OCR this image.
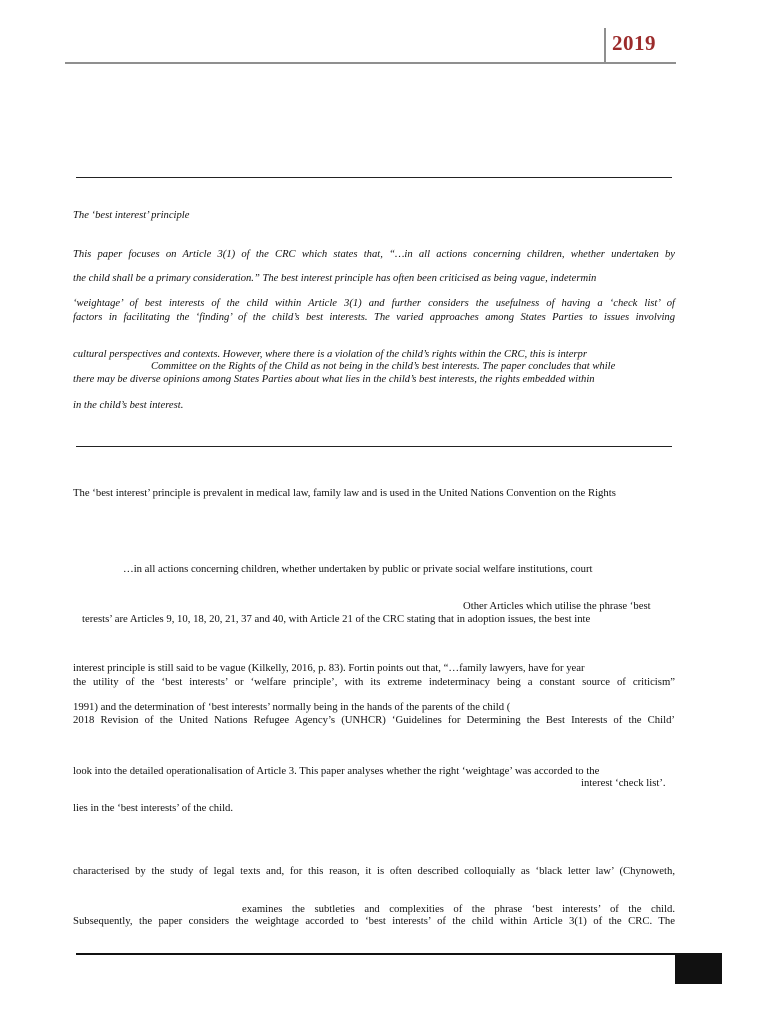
2019
The ‘best interest’ principle
This paper focuses on Article 3(1) of the CRC which states that, “…in all actions concerning children, whether undertaken by
the child shall be a primary consideration.” The best interest principle has often been criticised as being vague, indetermin
‘weightage’ of best interests of the child within Article 3(1) and further considers the usefulness of having a ‘check list’ of
factors in facilitating the ‘finding’ of the child’s best interests. The varied approaches among States Parties to issues involving
cultural perspectives and contexts. However, where there is a violation of the child’s rights within the CRC, this is interpr
Committee on the Rights of the Child as not being in the child’s best interests. The paper concludes that while
there may be diverse opinions among States Parties about what lies in the child’s best interests, the rights embedded within
in the child’s best interest.
The ‘best interest’ principle is prevalent in medical law, family law and is used in the United Nations Convention on the Rights
…in all actions concerning children, whether undertaken by public or private social welfare institutions, court
Other Articles which utilise the phrase ‘best
terests’ are Articles 9, 10, 18, 20, 21, 37 and 40, with Article 21 of the CRC stating that in adoption issues, the best inte
interest principle is still said to be vague (Kilkelly, 2016, p. 83). Fortin points out that, “…family lawyers, have for year
the utility of the ‘best interests’ or ‘welfare principle’, with its extreme indeterminacy being a constant source of criticism”
1991) and the determination of ‘best interests’ normally being in the hands of the parents of the child (
2018 Revision of the United Nations Refugee Agency’s (UNHCR) ‘Guidelines for Determining the Best Interests of the Child’
look into the detailed operationalisation of Article 3. This paper analyses whether the right ‘weightage’ was accorded to the
interest ‘check list’.
lies in the ‘best interests’ of the child.
characterised by the study of legal texts and, for this reason, it is often described colloquially as ‘black letter law’ (Chynoweth,
examines the subtleties and complexities of the phrase ‘best interests’ of the child.
Subsequently, the paper considers the weightage accorded to ‘best interests’ of the child within Article 3(1) of the CRC. The
